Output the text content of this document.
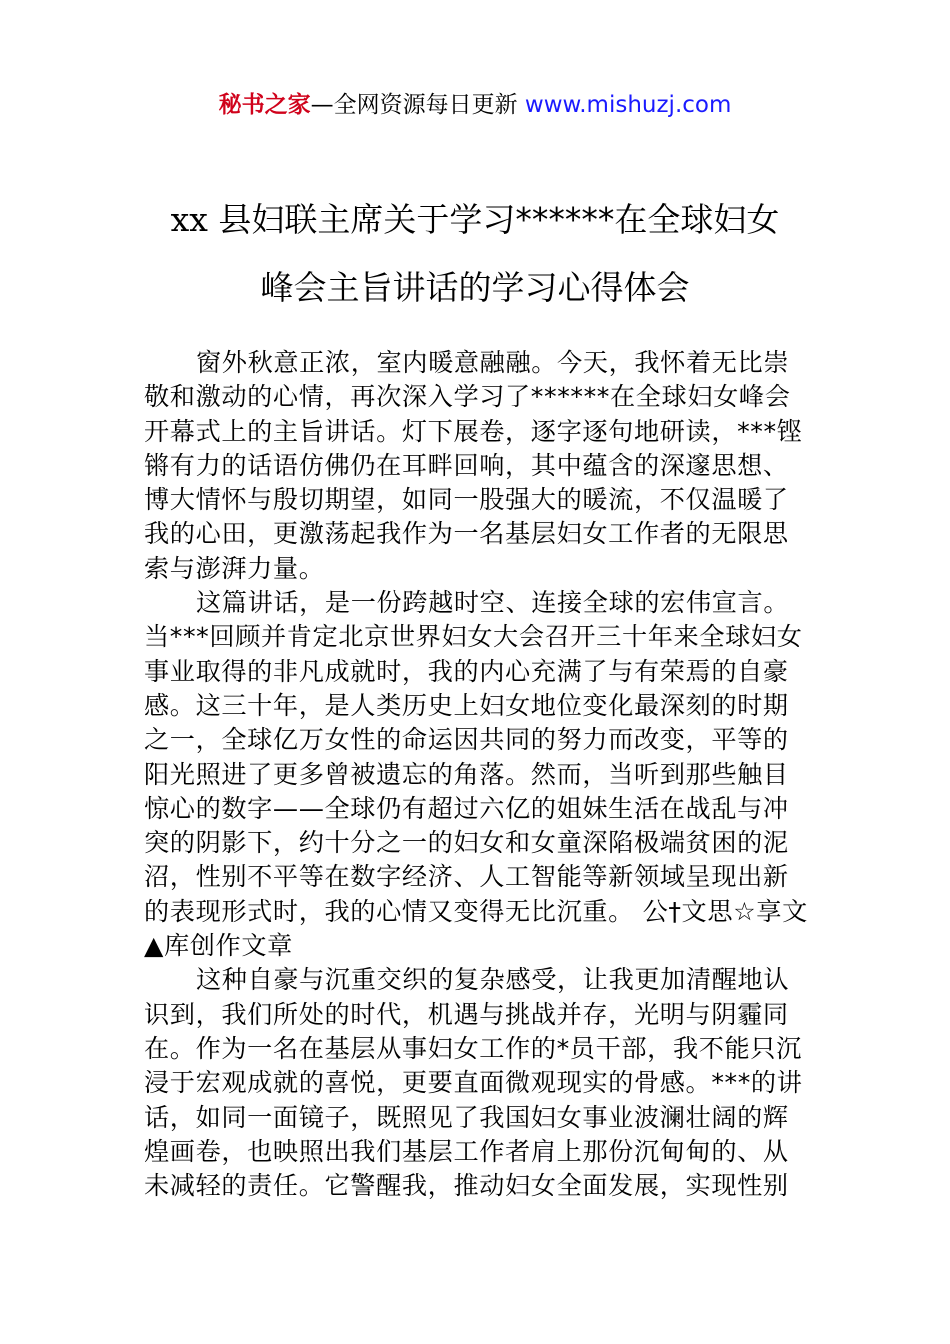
秘书之家—全网资源每日更新 www.mishuzj.com
xx 县妇联主席关于学习******在全球妇女
峰会主旨讲话的学习心得体会
窗外秋意正浓，室内暖意融融。今天，我怀着无比崇
敬和激动的心情，再次深入学习了******在全球妇女峰会
开幕式上的主旨讲话。灯下展卷，逐字逐句地研读，***铿
锵有力的话语仿佛仍在耳畔回响，其中蕴含的深邃思想、
博大情怀与殷切期望，如同一股强大的暖流，不仅温暖了
我的心田，更激荡起我作为一名基层妇女工作者的无限思
索与澎湃力量。
这篇讲话，是一份跨越时空、连接全球的宏伟宣言。
当***回顾并肯定北京世界妇女大会召开三十年来全球妇女
事业取得的非凡成就时，我的内心充满了与有荣焉的自豪
感。这三十年，是人类历史上妇女地位变化最深刻的时期
之一，全球亿万女性的命运因共同的努力而改变，平等的
阳光照进了更多曾被遗忘的角落。然而，当听到那些触目
惊心的数字——全球仍有超过六亿的姐妹生活在战乱与冲
突的阴影下，约十分之一的妇女和女童深陷极端贫困的泥
沼，性别不平等在数字经济、人工智能等新领域呈现出新
的表现形式时，我的心情又变得无比沉重。 公†文思☆享文
▲库创作文章
这种自豪与沉重交织的复杂感受，让我更加清醒地认
识到，我们所处的时代，机遇与挑战并存，光明与阴霾同
在。作为一名在基层从事妇女工作的*员干部，我不能只沉
浸于宏观成就的喜悦，更要直面微观现实的骨感。***的讲
话，如同一面镜子，既照见了我国妇女事业波澜壮阔的辉
煌画卷，也映照出我们基层工作者肩上那份沉甸甸的、从
未减轻的责任。它警醒我，推动妇女全面发展，实现性别
